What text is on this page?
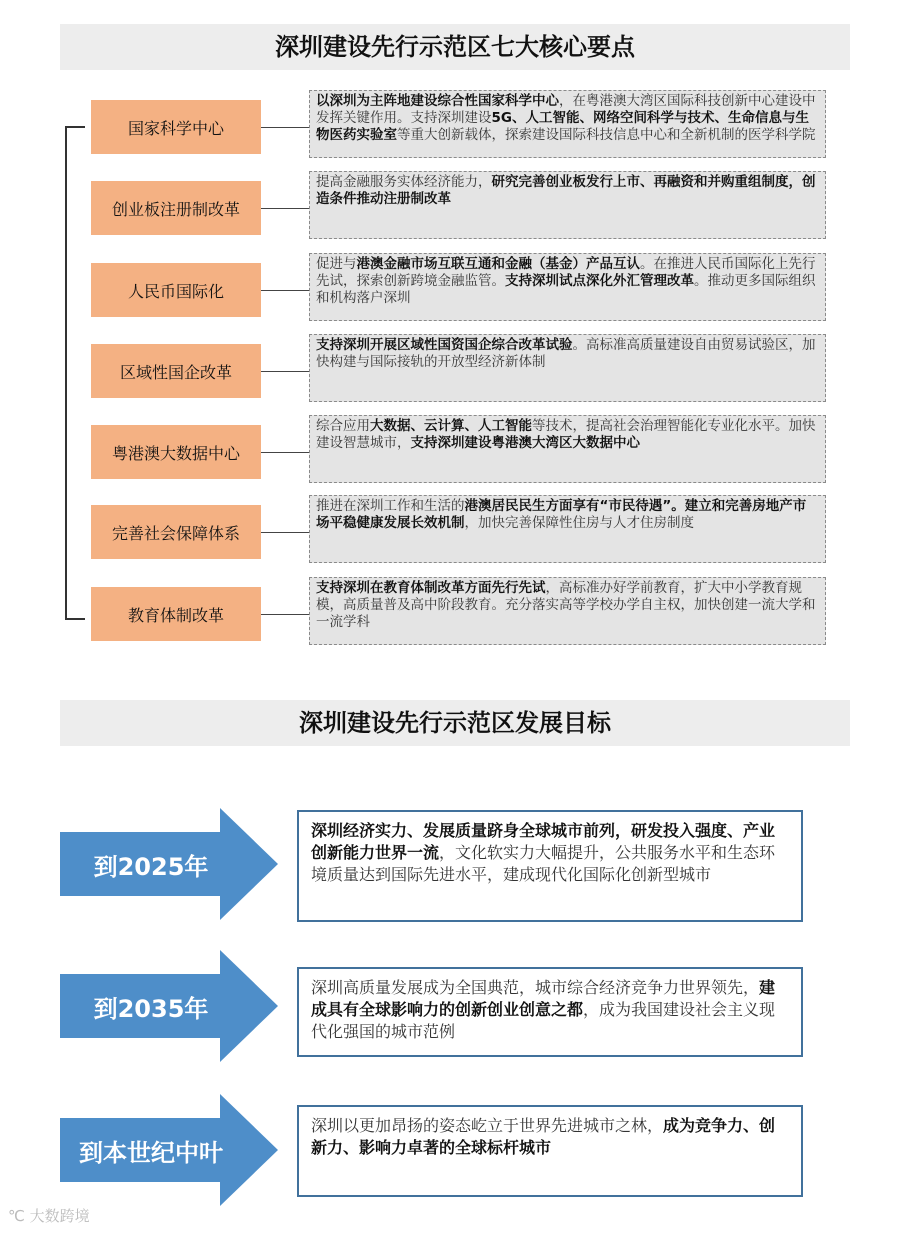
深圳建设先行示范区七大核心要点
国家科学中心
以深圳为主阵地建设综合性国家科学中心，在粤港澳大湾区国际科技创新中心建设中发挥关键作用。支持深圳建设5G、人工智能、网络空间科学与技术、生命信息与生物医药实验室等重大创新载体，探索建设国际科技信息中心和全新机制的医学科学院
创业板注册制改革
提高金融服务实体经济能力，研究完善创业板发行上市、再融资和并购重组制度，创造条件推动注册制改革
人民币国际化
促进与港澳金融市场互联互通和金融（基金）产品互认。在推进人民币国际化上先行先试，探索创新跨境金融监管。支持深圳试点深化外汇管理改革。推动更多国际组织和机构落户深圳
区域性国企改革
支持深圳开展区域性国资国企综合改革试验。高标准高质量建设自由贸易试验区，加快构建与国际接轨的开放型经济新体制
粤港澳大数据中心
综合应用大数据、云计算、人工智能等技术，提高社会治理智能化专业化水平。加快建设智慧城市，支持深圳建设粤港澳大湾区大数据中心
完善社会保障体系
推进在深圳工作和生活的港澳居民民生方面享有“市民待遇”。建立和完善房地产市场平稳健康发展长效机制，加快完善保障性住房与人才住房制度
教育体制改革
支持深圳在教育体制改革方面先行先试，高标准办好学前教育，扩大中小学教育规模，高质量普及高中阶段教育。充分落实高等学校办学自主权，加快创建一流大学和一流学科
深圳建设先行示范区发展目标
到2025年
深圳经济实力、发展质量跻身全球城市前列，研发投入强度、产业创新能力世界一流，文化软实力大幅提升，公共服务水平和生态环境质量达到国际先进水平，建成现代化国际化创新型城市
到2035年
深圳高质量发展成为全国典范，城市综合经济竞争力世界领先，建成具有全球影响力的创新创业创意之都，成为我国建设社会主义现代化强国的城市范例
到本世纪中叶
深圳以更加昂扬的姿态屹立于世界先进城市之林，成为竞争力、创新力、影响力卓著的全球标杆城市
℃ 大数跨境
